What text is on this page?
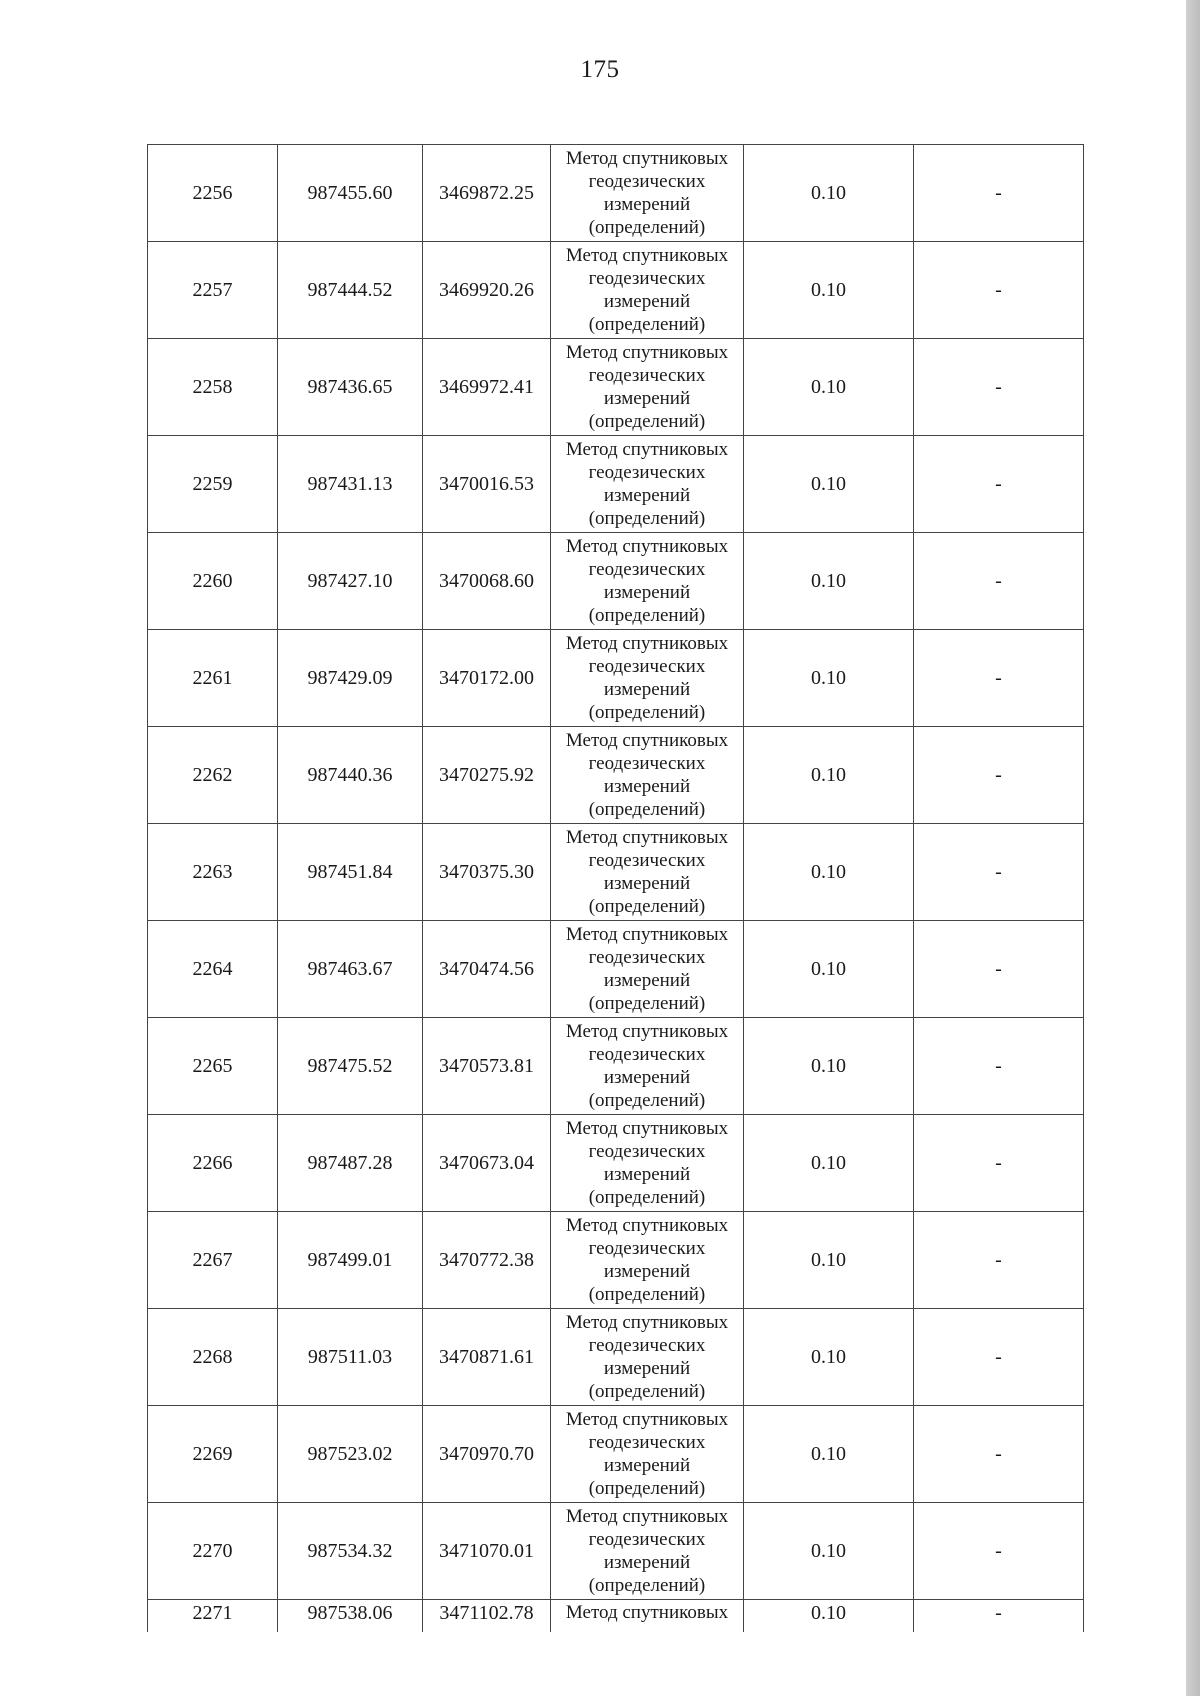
175
2256	987455.60	3469872.25	Метод спутниковых
геодезических
измерений
(определений)	0.10	-
2257	987444.52	3469920.26	Метод спутниковых
геодезических
измерений
(определений)	0.10	-
2258	987436.65	3469972.41	Метод спутниковых
геодезических
измерений
(определений)	0.10	-
2259	987431.13	3470016.53	Метод спутниковых
геодезических
измерений
(определений)	0.10	-
2260	987427.10	3470068.60	Метод спутниковых
геодезических
измерений
(определений)	0.10	-
2261	987429.09	3470172.00	Метод спутниковых
геодезических
измерений
(определений)	0.10	-
2262	987440.36	3470275.92	Метод спутниковых
геодезических
измерений
(определений)	0.10	-
2263	987451.84	3470375.30	Метод спутниковых
геодезических
измерений
(определений)	0.10	-
2264	987463.67	3470474.56	Метод спутниковых
геодезических
измерений
(определений)	0.10	-
2265	987475.52	3470573.81	Метод спутниковых
геодезических
измерений
(определений)	0.10	-
2266	987487.28	3470673.04	Метод спутниковых
геодезических
измерений
(определений)	0.10	-
2267	987499.01	3470772.38	Метод спутниковых
геодезических
измерений
(определений)	0.10	-
2268	987511.03	3470871.61	Метод спутниковых
геодезических
измерений
(определений)	0.10	-
2269	987523.02	3470970.70	Метод спутниковых
геодезических
измерений
(определений)	0.10	-
2270	987534.32	3471070.01	Метод спутниковых
геодезических
измерений
(определений)	0.10	-
2271	987538.06	3471102.78	Метод спутниковых	0.10	-
